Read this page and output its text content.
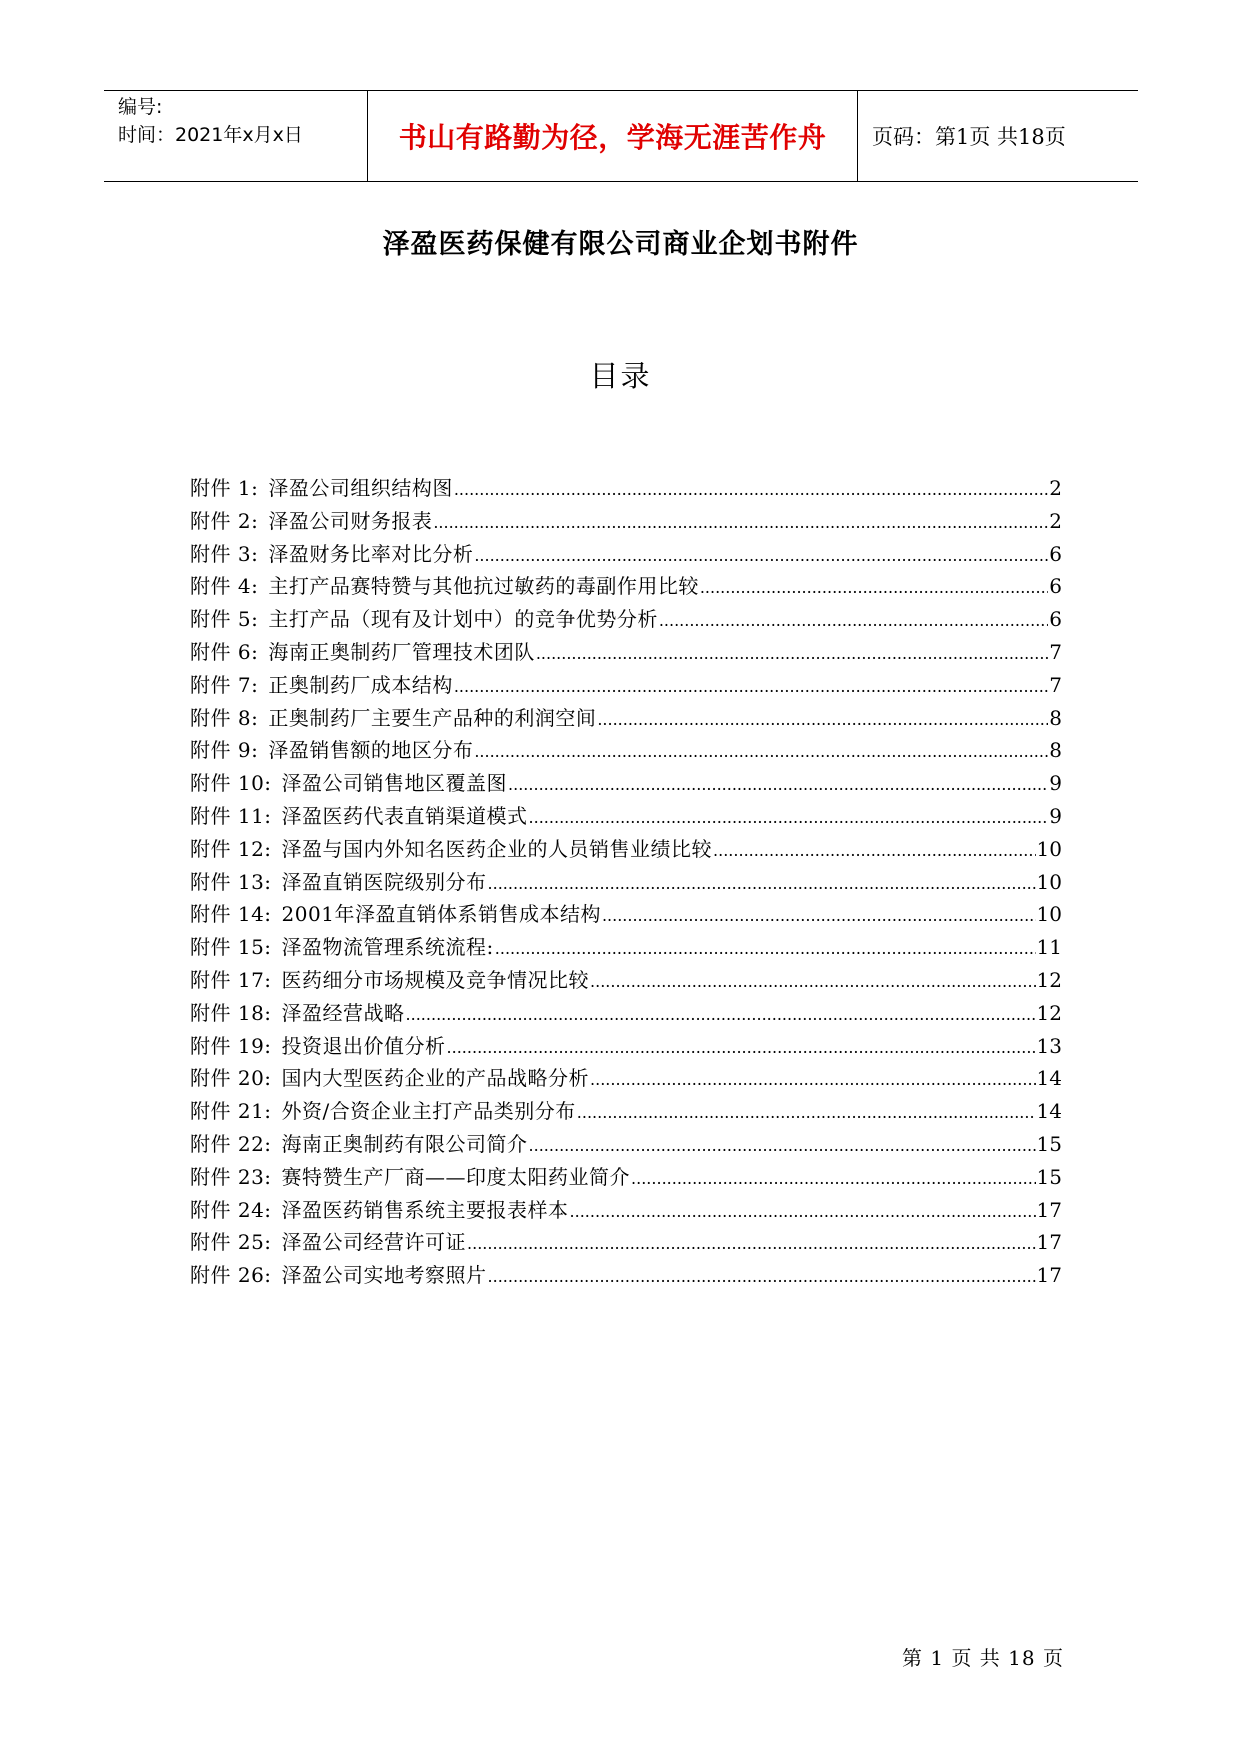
编号:
时间：2021年x月x日	书山有路勤为径，学海无涯苦作舟	页码：第1页 共18页
泽盈医药保健有限公司商业企划书附件
目录
附件 1: 泽盈公司组织结构图 .....	2
附件 2: 泽盈公司财务报表 .....	2
附件 3: 泽盈财务比率对比分析 .....	6
附件 4: 主打产品赛特赞与其他抗过敏药的毒副作用比较 .....	6
附件 5: 主打产品（现有及计划中）的竞争优势分析 .....	6
附件 6: 海南正奥制药厂管理技术团队 .....	7
附件 7: 正奥制药厂成本结构 .....	7
附件 8: 正奥制药厂主要生产品种的利润空间 .....	8
附件 9: 泽盈销售额的地区分布 .....	8
附件 10: 泽盈公司销售地区覆盖图 .....	9
附件 11: 泽盈医药代表直销渠道模式 .....	9
附件 12: 泽盈与国内外知名医药企业的人员销售业绩比较 .....	10
附件 13: 泽盈直销医院级别分布 .....	10
附件 14: 2001年泽盈直销体系销售成本结构 .....	10
附件 15: 泽盈物流管理系统流程: .....	11
附件 17: 医药细分市场规模及竞争情况比较 .....	12
附件 18: 泽盈经营战略 .....	12
附件 19: 投资退出价值分析 .....	13
附件 20: 国内大型医药企业的产品战略分析 .....	14
附件 21: 外资/合资企业主打产品类别分布 .....	14
附件 22: 海南正奥制药有限公司简介 .....	15
附件 23: 赛特赞生产厂商——印度太阳药业简介 .....	15
附件 24: 泽盈医药销售系统主要报表样本 .....	17
附件 25: 泽盈公司经营许可证 .....	17
附件 26: 泽盈公司实地考察照片 .....	17
第 1 页 共 18 页
